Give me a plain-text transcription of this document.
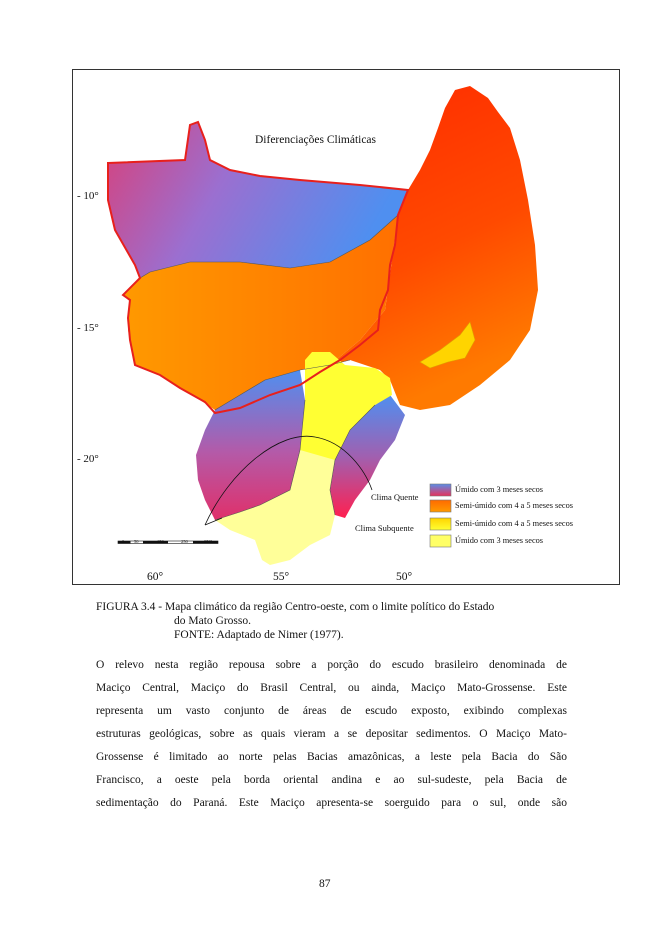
Diferenciações Climáticas
- 10°
- 15°
- 20°
60°	55°	50°
Clima Quente
Clima Subquente
0 50	150	250	350km
Úmido com 3 meses secos
Semi-úmido com 4 a 5 meses secos
Semi-úmido com 4 a 5 meses secos
Úmido com 3 meses secos
FIGURA 3.4 - Mapa climático da região Centro-oeste, com o limite político do Estado
do Mato Grosso.
FONTE: Adaptado de Nimer (1977).
O relevo nesta região repousa sobre a porção do escudo brasileiro denominada de
Maciço Central, Maciço do Brasil Central, ou ainda, Maciço Mato-Grossense. Este
representa um vasto conjunto de áreas de escudo exposto, exibindo complexas
estruturas geológicas, sobre as quais vieram a se depositar sedimentos. O Maciço Mato-
Grossense é limitado ao norte pelas Bacias amazônicas, a leste pela Bacia do São
Francisco, a oeste pela borda oriental andina e ao sul-sudeste, pela Bacia de
sedimentação do Paraná. Este Maciço apresenta-se soerguido para o sul, onde são
87
